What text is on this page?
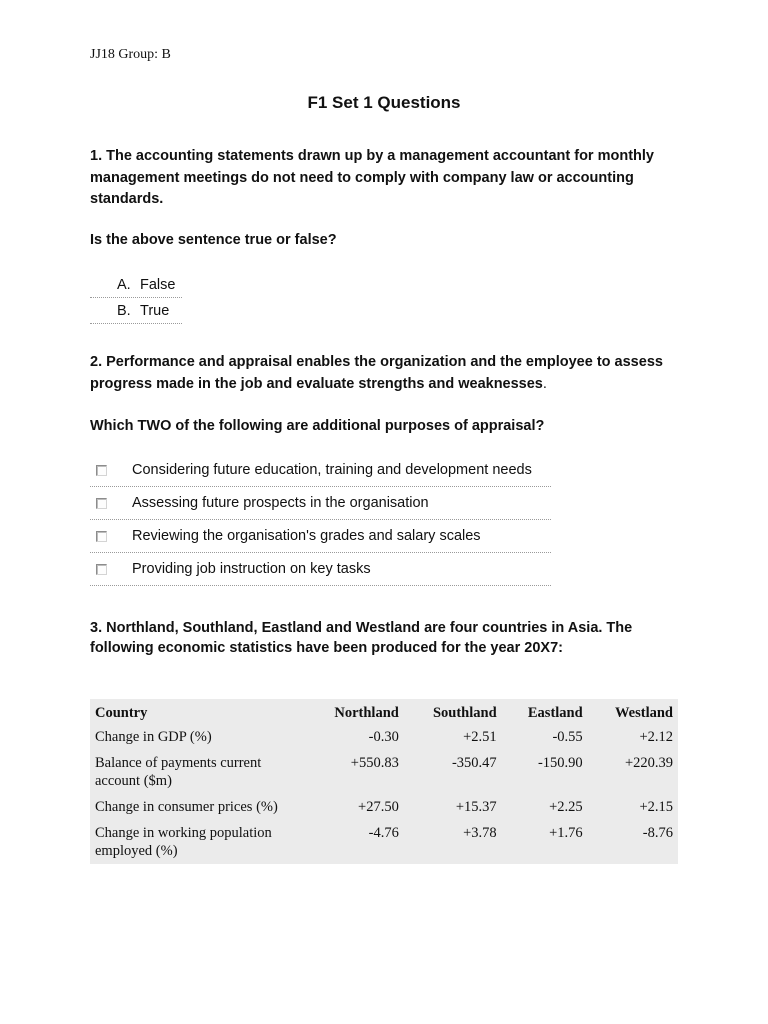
JJ18 Group: B
F1 Set 1 Questions
1. The accounting statements drawn up by a management accountant for monthly management meetings do not need to comply with company law or accounting standards.
Is the above sentence true or false?
A. False
B. True
2. Performance and appraisal enables the organization and the employee to assess progress made in the job and evaluate strengths and weaknesses.
Which TWO of the following are additional purposes of appraisal?
Considering future education, training and development needs
Assessing future prospects in the organisation
Reviewing the organisation's grades and salary scales
Providing job instruction on key tasks
3. Northland, Southland, Eastland and Westland are four countries in Asia. The following economic statistics have been produced for the year 20X7:
Country	Northland	Southland	Eastland	Westland
Change in GDP (%)	-0.30	+2.51	-0.55	+2.12
Balance of payments current account ($m)	+550.83	-350.47	-150.90	+220.39
Change in consumer prices (%)	+27.50	+15.37	+2.25	+2.15
Change in working population employed (%)	-4.76	+3.78	+1.76	-8.76
